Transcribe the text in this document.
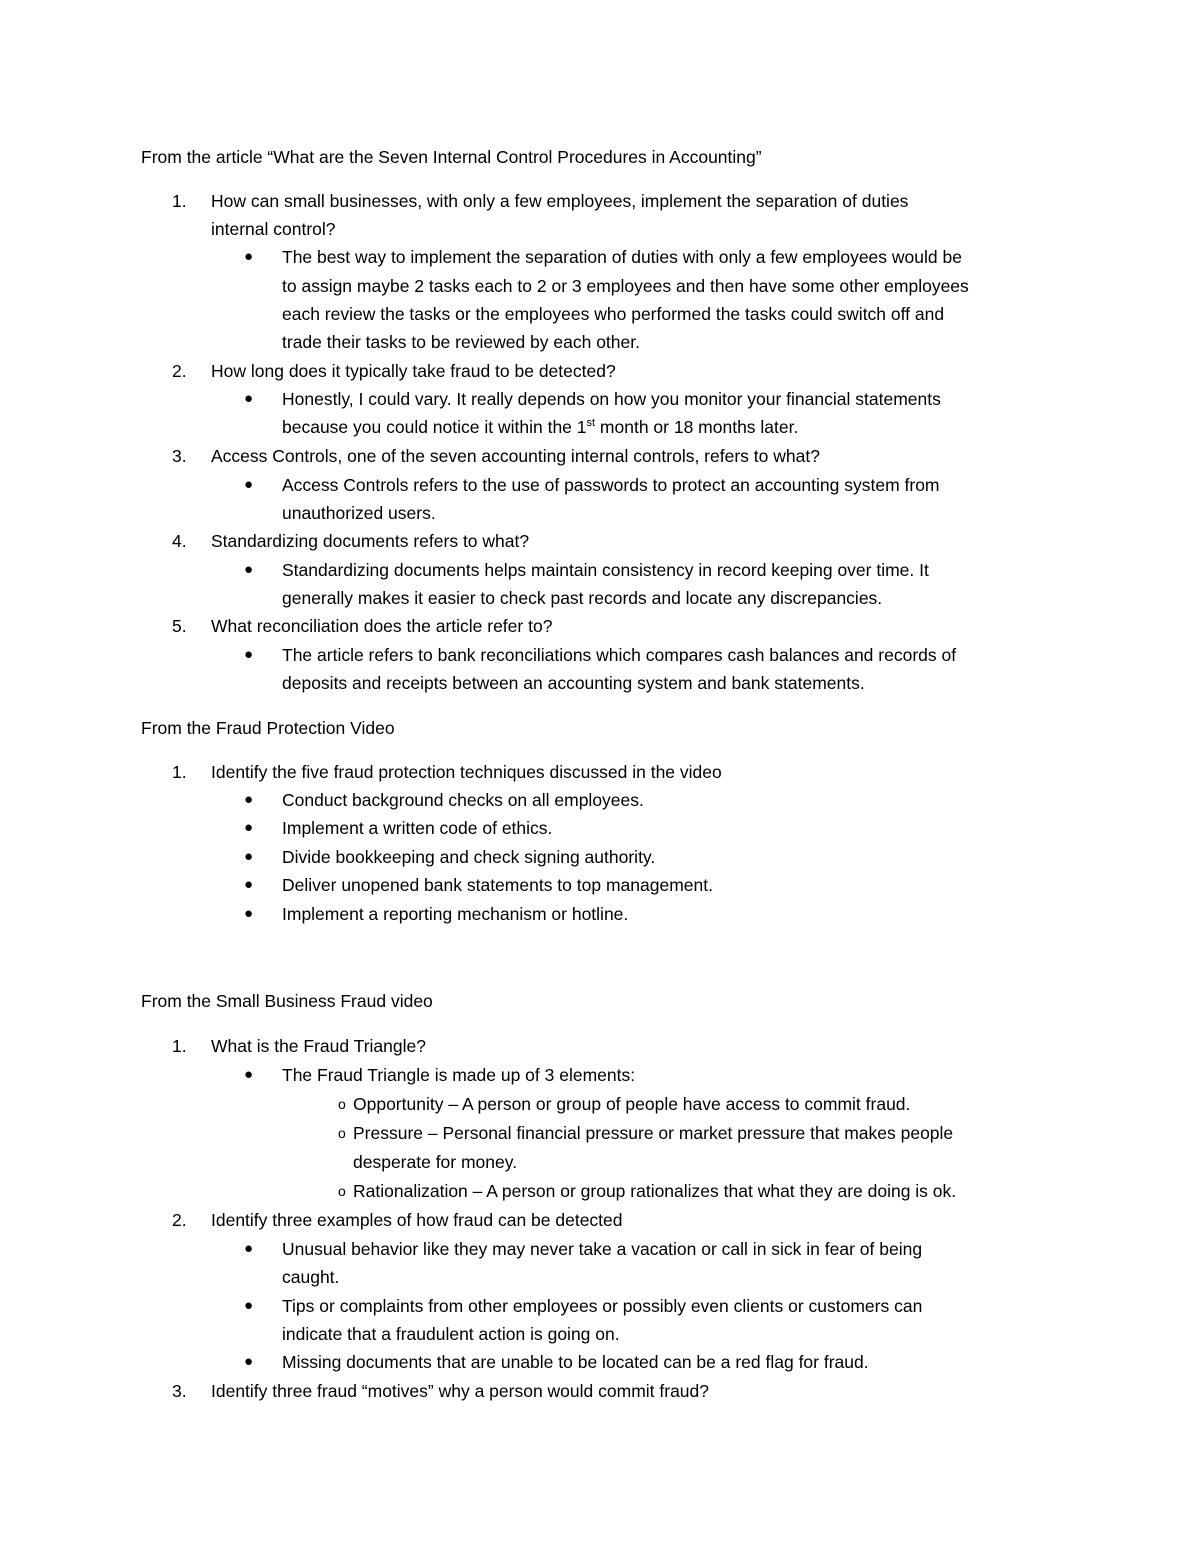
From the article “What are the Seven Internal Control Procedures in Accounting”
1.	How can small businesses, with only a few employees, implement the separation of duties
internal control?
● The best way to implement the separation of duties with only a few employees would be
to assign maybe 2 tasks each to 2 or 3 employees and then have some other employees
each review the tasks or the employees who performed the tasks could switch off and
trade their tasks to be reviewed by each other.
2.	How long does it typically take fraud to be detected?
● Honestly, I could vary. It really depends on how you monitor your financial statements
because you could notice it within the 1st month or 18 months later.
3.	Access Controls, one of the seven accounting internal controls, refers to what?
● Access Controls refers to the use of passwords to protect an accounting system from
unauthorized users.
4.	Standardizing documents refers to what?
● Standardizing documents helps maintain consistency in record keeping over time. It
generally makes it easier to check past records and locate any discrepancies.
5.	What reconciliation does the article refer to?
● The article refers to bank reconciliations which compares cash balances and records of
deposits and receipts between an accounting system and bank statements.
From the Fraud Protection Video
1.	Identify the five fraud protection techniques discussed in the video
● Conduct background checks on all employees.
● Implement a written code of ethics.
● Divide bookkeeping and check signing authority.
● Deliver unopened bank statements to top management.
● Implement a reporting mechanism or hotline.
From the Small Business Fraud video
1.	What is the Fraud Triangle?
● The Fraud Triangle is made up of 3 elements:
o Opportunity – A person or group of people have access to commit fraud.
o Pressure – Personal financial pressure or market pressure that makes people
desperate for money.
o Rationalization – A person or group rationalizes that what they are doing is ok.
2.	Identify three examples of how fraud can be detected
● Unusual behavior like they may never take a vacation or call in sick in fear of being
caught.
● Tips or complaints from other employees or possibly even clients or customers can
indicate that a fraudulent action is going on.
● Missing documents that are unable to be located can be a red flag for fraud.
3.	Identify three fraud “motives” why a person would commit fraud?
